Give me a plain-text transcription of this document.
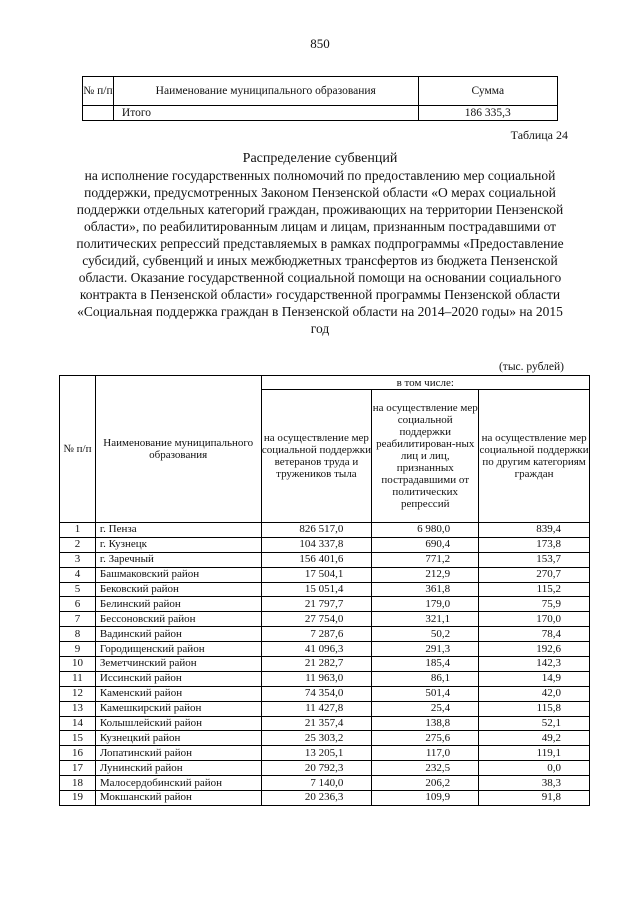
850
№ п/п	Наименование муниципального образования	Сумма
	Итого	186 335,3
Таблица 24
Распределение субвенций
на исполнение государственных полномочий по предоставлению мер социальной поддержки, предусмотренных Законом Пензенской области «О мерах социальной поддержки отдельных категорий граждан, проживающих на территории Пензенской области», по реабилитированным лицам и лицам, признанным пострадавшими от политических репрессий представляемых в рамках подпрограммы «Предоставление субсидий, субвенций и иных межбюджетных трансфертов из бюджета Пензенской области. Оказание государственной социальной помощи на основании социального контракта в Пензенской области» государственной программы Пензенской области «Социальная поддержка граждан в Пензенской области на 2014–2020 годы» на 2015 год
(тыс. рублей)
№ п/п	Наименование муниципального образования	в том числе:		
		на осуществление мер социальной поддержки ветеранов труда и тружеников тыла	на осуществление мер социальной поддержки реабилитирован-ных лиц и лиц, признанных пострадавшими от политических репрессий	на осуществление мер социальной поддержки по другим категориям граждан
1	г. Пенза	826 517,0	6 980,0	839,4
2	г. Кузнецк	104 337,8	690,4	173,8
3	г. Заречный	156 401,6	771,2	153,7
4	Башмаковский район	17 504,1	212,9	270,7
5	Бековский район	15 051,4	361,8	115,2
6	Белинский район	21 797,7	179,0	75,9
7	Бессоновский район	27 754,0	321,1	170,0
8	Вадинский район	7 287,6	50,2	78,4
9	Городищенский район	41 096,3	291,3	192,6
10	Земетчинский район	21 282,7	185,4	142,3
11	Иссинский район	11 963,0	86,1	14,9
12	Каменский район	74 354,0	501,4	42,0
13	Камешкирский район	11 427,8	25,4	115,8
14	Колышлейский район	21 357,4	138,8	52,1
15	Кузнецкий район	25 303,2	275,6	49,2
16	Лопатинский район	13 205,1	117,0	119,1
17	Лунинский район	20 792,3	232,5	0,0
18	Малосердобинский район	7 140,0	206,2	38,3
19	Мокшанский район	20 236,3	109,9	91,8
